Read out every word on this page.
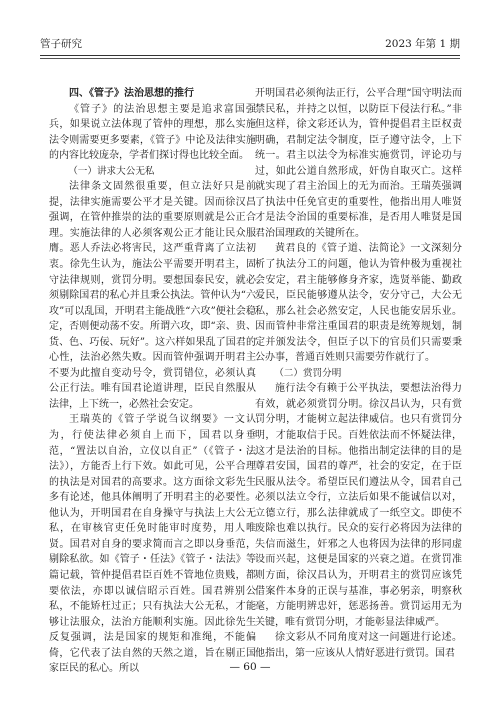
管子研究	2023 年第 1 期

四、《管子》法治思想的推行

《管子》的法治思想主要是追求富国强兵，如果说立法体现了管仲的理想，那么实施法令则需要更多要素，《管子》中论及法律实施的内容比较庞杂，学者们探讨得也比较全面。

（一）讲求大公无私

法律条文固然很重要，但立法好只是前提，法律实施需要公平才是关键。因而徐汉昌强调，在管仲推崇的法的重要原则就是公正合理。实施法律的人必须客观公正才能让民众服膺。恶人乔法必将害民，这严重背离了立法初衷。徐先生认为，施法公平需要开明君主，固守法律规则，赏罚分明。要想国泰民安，就必须剔除国君的私心并且秉公执法。管仲认为“六攻”可以乱国，开明君主能战胜“六攻”便社会稳定，否则便动荡不安。所谓六攻，即“亲、贵、货、色、巧佞、玩好”。这六样如果乱了国君的心性，法治必然失败。因而管仲强调开明君主不要为此擅自变动号令，赏罚错位，必须认真公正行法。唯有国君论道讲理，臣民自然服从法律，上下统一，必然社会安定。

王瑞英的《管子学说刍议纲要》一文认为，行使法律必须自上而下，国君以身垂范，“置法以自治，立仪以自正”（《管子・法法》），方能否上行下效。如此可见，公平合理的执法是对国君的高要求。这方面徐文彩先生多有论述，他具体阐明了开明君主的必要性。他认为，开明国君在自身操守与执法上大公无私，在审核官吏任免时能审时度势，用人唯贤。国君对自身的要求简而言之即以身垂范，剔除私欲。如《管子・任法》《管子・法法》等篇记载，管仲提倡君臣百姓不管地位贵贱，都要依法，亦即以诚信昭示百姓。国君辨别公私，不能矫枉过正；只有执法大公无私，才能够让法服众，法治方能顺利实施。因此徐先生反复强调，法是国家的规矩和准绳，不能偏倚，它代表了法自然的天然之道，旨在剔正国家臣民的私心。所以

开明国君必须徇法正行，公平合理“国守明法而禁民私，并持之以恒，以防臣下侵法行私。”非但这样，徐文彩还认为，管仲提倡君主臣权责明确，君制定法令制度，臣子遵守法令，上下统一。君主以法令为标准实施赏罚，评论功与过，如此公道自然形成，奸伪自取灭亡。这样就实现了君主治国上的无为而治。王瑞英强调了执法中任免官吏的重要性，他指出用人唯贤才是法令治国的重要标准，是否用人唯贤是国君治国理政的关键所在。

黄君良的《管子道、法简论》一文深刻分析了执法分工的问题，他认为管仲极为重视社会安定，君主能够修身齐家，选贤举能、勤政爱民，臣民能够遵从法令，安分守己，大公无私，那么社会必然安定，人民也能安居乐业。因而管仲非常注重国君的职责是统筹规划，制定并颁发法令，但臣子以下的官员们只需要秉公办事，普通百姓则只需要劳作就行了。

（二）赏罚分明

施行法令有赖于公平执法，要想法治得力有效，就必须赏罚分明。徐汉昌认为，只有赏罚分明，才能树立起法律威信。也只有赏罚分明，才能取信于民。百姓依法而不怀疑法律，这才是法治的目标。他指出制定法律的目的是尊君安国，国君的尊严，社会的安定，在于臣民服从法令。希望臣民们遵法从令，国君自己必须以法立令行，立法后如果不能诚信以对，立德立行，那么法律就成了一纸空文。即使不废除也难以执行。民众的妄行必将因为法律的失信而滋生，奸邪之人也将因为法律的形同虚设而兴起，这便是国家的兴衰之道。在赏罚准则方面，徐汉昌认为，开明君主的赏罚应该凭借案件本身的正误与基准，事必躬亲，明察秋毫，方能明辨忠奸，惩恶扬善。赏罚运用无为关键，唯有赏罚分明，才能彰显法律威严。

徐文彩从不同角度对这一问题进行论述。他指出，第一应该从人情好恶进行赏罚。国君

— 60 —
